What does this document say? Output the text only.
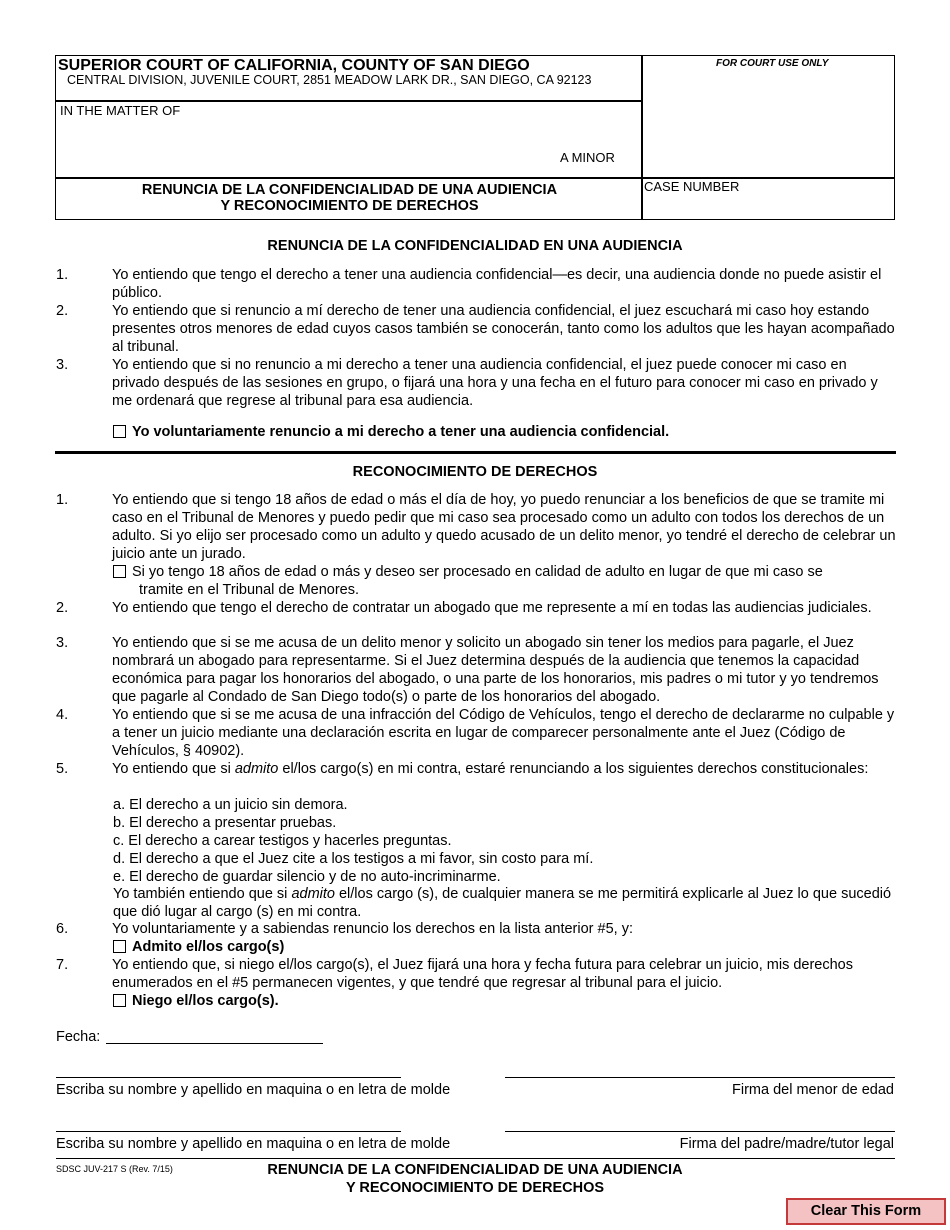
SUPERIOR COURT OF CALIFORNIA, COUNTY OF SAN DIEGO
CENTRAL DIVISION, JUVENILE COURT, 2851 MEADOW LARK DR., SAN DIEGO, CA 92123
FOR COURT USE ONLY
IN THE MATTER OF
A MINOR
RENUNCIA DE LA CONFIDENCIALIDAD DE UNA AUDIENCIA
Y RECONOCIMIENTO DE DERECHOS
CASE NUMBER
RENUNCIA DE LA CONFIDENCIALIDAD EN UNA AUDIENCIA
1.	Yo entiendo que tengo el derecho a tener una audiencia confidencial—es decir, una audiencia donde no puede asistir el público.
2.	Yo entiendo que si renuncio a mí derecho de tener una audiencia confidencial, el juez escuchará mi caso hoy estando presentes otros menores de edad cuyos casos también se conocerán, tanto como los adultos que les hayan acompañado al tribunal.
3.	Yo entiendo que si no renuncio a mi derecho a tener una audiencia confidencial, el juez puede conocer mi caso en privado después de las sesiones en grupo, o fijará una hora y una fecha en el futuro para conocer mi caso en privado y me ordenará que regrese al tribunal para esa audiencia.
Yo voluntariamente renuncio a mi derecho a tener una audiencia confidencial.
RECONOCIMIENTO DE DERECHOS
1.	Yo entiendo que si tengo 18 años de edad o más el día de hoy, yo puedo renunciar a los beneficios de que se tramite mi caso en el Tribunal de Menores y puedo pedir que mi caso sea procesado como un adulto con todos los derechos de un adulto. Si yo elijo ser procesado como un adulto y quedo acusado de un delito menor, yo tendré el derecho de celebrar un juicio ante un jurado.
Si yo tengo 18 años de edad o más y deseo ser procesado en calidad de adulto en lugar de que mi caso se
tramite en el Tribunal de Menores.
2.	Yo entiendo que tengo el derecho de contratar un abogado que me represente a mí en todas las audiencias judiciales.
3.	Yo entiendo que si se me acusa de un delito menor y solicito un abogado sin tener los medios para pagarle, el Juez nombrará un abogado para representarme. Si el Juez determina después de la audiencia que tenemos la capacidad económica para pagar los honorarios del abogado, o una parte de los honorarios, mis padres o mi tutor y yo tendremos que pagarle al Condado de San Diego todo(s) o parte de los honorarios del abogado.
4.	Yo entiendo que si se me acusa de una infracción del Código de Vehículos, tengo el derecho de declararme no culpable y a tener un juicio mediante una declaración escrita en lugar de comparecer personalmente ante el Juez (Código de Vehículos, § 40902).
5.	Yo entiendo que si admito el/los cargo(s) en mi contra, estaré renunciando a los siguientes derechos constitucionales:
a. El derecho a un juicio sin demora.
b. El derecho a presentar pruebas.
c. El derecho a carear testigos y hacerles preguntas.
d. El derecho a que el Juez cite a los testigos a mi favor, sin costo para mí.
e. El derecho de guardar silencio y de no auto-incriminarme.
Yo también entiendo que si admito el/los cargo (s), de cualquier manera se me permitirá explicarle al Juez lo que sucedió que dió lugar al cargo (s) en mi contra.
6.	Yo voluntariamente y a sabiendas renuncio los derechos en la lista anterior #5, y:
Admito el/los cargo(s)
7.	Yo entiendo que, si niego el/los cargo(s), el Juez fijará una hora y fecha futura para celebrar un juicio, mis derechos enumerados en el #5 permanecen vigentes, y que tendré que regresar al tribunal para el juicio.
Niego el/los cargo(s).
Fecha:
Escriba su nombre y apellido en maquina o en letra de molde	Firma del menor de edad
Escriba su nombre y apellido en maquina o en letra de molde	Firma del padre/madre/tutor legal
SDSC JUV-217 S (Rev. 7/15)	RENUNCIA DE LA CONFIDENCIALIDAD DE UNA AUDIENCIA
Y RECONOCIMIENTO DE DERECHOS
Clear This Form
